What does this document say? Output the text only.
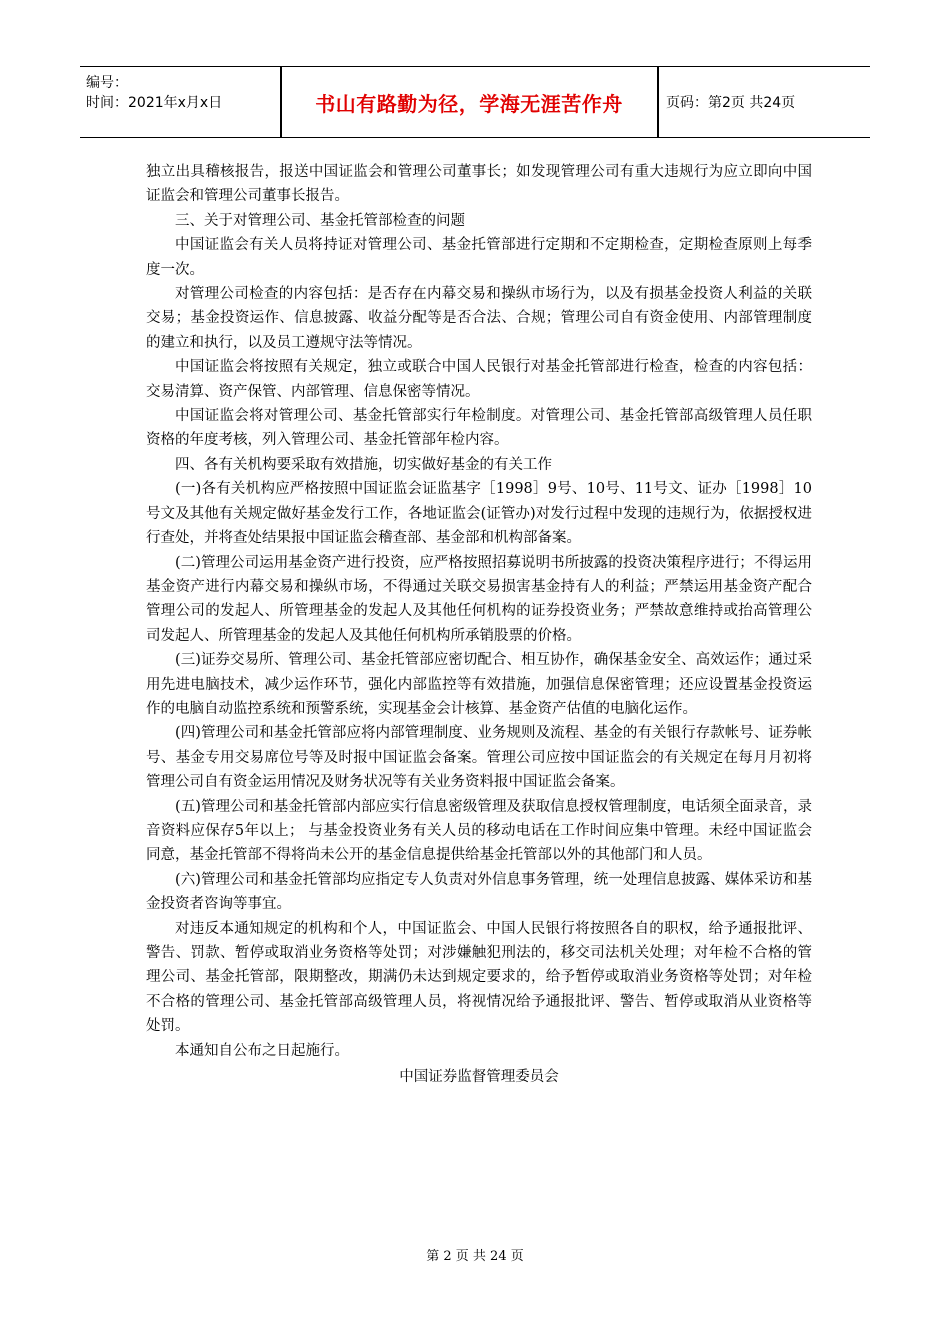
编号：
时间：2021年x月x日	书山有路勤为径，学海无涯苦作舟	页码：第2页 共24页

独立出具稽核报告，报送中国证监会和管理公司董事长；如发现管理公司有重大违规行为应立即向中国证监会和管理公司董事长报告。

三、关于对管理公司、基金托管部检查的问题

中国证监会有关人员将持证对管理公司、基金托管部进行定期和不定期检查，定期检查原则上每季度一次。

对管理公司检查的内容包括：是否存在内幕交易和操纵市场行为，以及有损基金投资人利益的关联交易；基金投资运作、信息披露、收益分配等是否合法、合规；管理公司自有资金使用、内部管理制度的建立和执行，以及员工遵规守法等情况。

中国证监会将按照有关规定，独立或联合中国人民银行对基金托管部进行检查，检查的内容包括：交易清算、资产保管、内部管理、信息保密等情况。

中国证监会将对管理公司、基金托管部实行年检制度。对管理公司、基金托管部高级管理人员任职资格的年度考核，列入管理公司、基金托管部年检内容。

四、各有关机构要采取有效措施，切实做好基金的有关工作

(一)各有关机构应严格按照中国证监会证监基字［1998］9号、10号、11号文、证办［1998］10号文及其他有关规定做好基金发行工作，各地证监会(证管办)对发行过程中发现的违规行为，依据授权进行查处，并将查处结果报中国证监会稽查部、基金部和机构部备案。

(二)管理公司运用基金资产进行投资，应严格按照招募说明书所披露的投资决策程序进行；不得运用基金资产进行内幕交易和操纵市场，不得通过关联交易损害基金持有人的利益；严禁运用基金资产配合管理公司的发起人、所管理基金的发起人及其他任何机构的证券投资业务；严禁故意维持或抬高管理公司发起人、所管理基金的发起人及其他任何机构所承销股票的价格。

(三)证券交易所、管理公司、基金托管部应密切配合、相互协作，确保基金安全、高效运作；通过采用先进电脑技术，减少运作环节，强化内部监控等有效措施，加强信息保密管理；还应设置基金投资运作的电脑自动监控系统和预警系统，实现基金会计核算、基金资产估值的电脑化运作。

(四)管理公司和基金托管部应将内部管理制度、业务规则及流程、基金的有关银行存款帐号、证券帐号、基金专用交易席位号等及时报中国证监会备案。管理公司应按中国证监会的有关规定在每月月初将管理公司自有资金运用情况及财务状况等有关业务资料报中国证监会备案。

(五)管理公司和基金托管部内部应实行信息密级管理及获取信息授权管理制度，电话须全面录音，录音资料应保存5年以上； 与基金投资业务有关人员的移动电话在工作时间应集中管理。未经中国证监会同意，基金托管部不得将尚未公开的基金信息提供给基金托管部以外的其他部门和人员。

(六)管理公司和基金托管部均应指定专人负责对外信息事务管理，统一处理信息披露、媒体采访和基金投资者咨询等事宜。

对违反本通知规定的机构和个人，中国证监会、中国人民银行将按照各自的职权，给予通报批评、警告、罚款、暂停或取消业务资格等处罚；对涉嫌触犯刑法的，移交司法机关处理；对年检不合格的管理公司、基金托管部，限期整改，期满仍未达到规定要求的，给予暂停或取消业务资格等处罚；对年检不合格的管理公司、基金托管部高级管理人员，将视情况给予通报批评、警告、暂停或取消从业资格等处罚。

本通知自公布之日起施行。

中国证券监督管理委员会

第 2 页 共 24 页
